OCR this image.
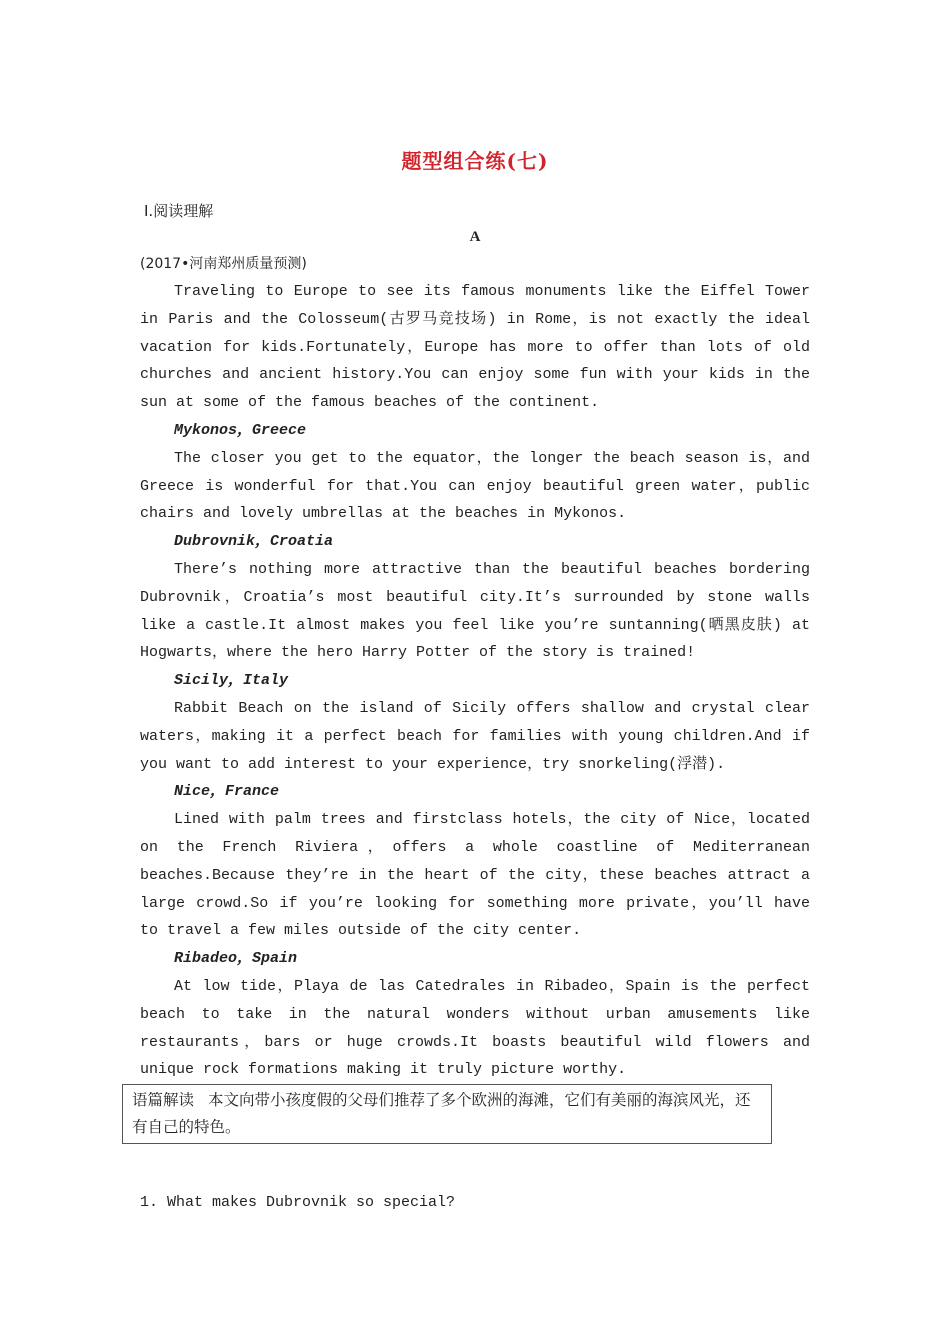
题型组合练(七)
Ⅰ.阅读理解
A
(2017•河南郑州质量预测)

Traveling to Europe to see its famous monuments like the Eiffel Tower in Paris and the Colosseum(古罗马竞技场) in Rome，is not exactly the ideal vacation for kids.Fortunately，Europe has more to offer than lots of old churches and ancient history.You can enjoy some fun with your kids in the sun at some of the famous beaches of the continent.

Mykonos，Greece

The closer you get to the equator，the longer the beach season is，and Greece is wonderful for that.You can enjoy beautiful green water，public chairs and lovely umbrellas at the beaches in Mykonos.

Dubrovnik，Croatia

There’s nothing more attractive than the beautiful beaches bordering Dubrovnik，Croatia’s most beautiful city.It’s surrounded by stone walls like a castle.It almost makes you feel like you’re suntanning(晒黑皮肤) at Hogwarts，where the hero Harry Potter of the story is trained!

Sicily，Italy

Rabbit Beach on the island of Sicily offers shallow and crystal clear waters，making it a perfect beach for families with young children.And if you want to add interest to your experience，try snorkeling(浮潜).

Nice，France

Lined with palm trees and firstclass hotels，the city of Nice，located on the French Riviera，offers a whole coastline of Mediterranean beaches.Because they’re in the heart of the city，these beaches attract a large crowd.So if you’re looking for something more private，you’ll have to travel a few miles outside of the city center.

Ribadeo，Spain

At low tide，Playa de las Catedrales in Ribadeo，Spain is the perfect beach to take in the natural wonders without urban amusements like restaurants，bars or huge crowds.It boasts beautiful wild flowers and unique rock formations making it truly picture worthy.

语篇解读 本文向带小孩度假的父母们推荐了多个欧洲的海滩，它们有美丽的海滨风光，还有自己的特色。
1. What makes Dubrovnik so special?
